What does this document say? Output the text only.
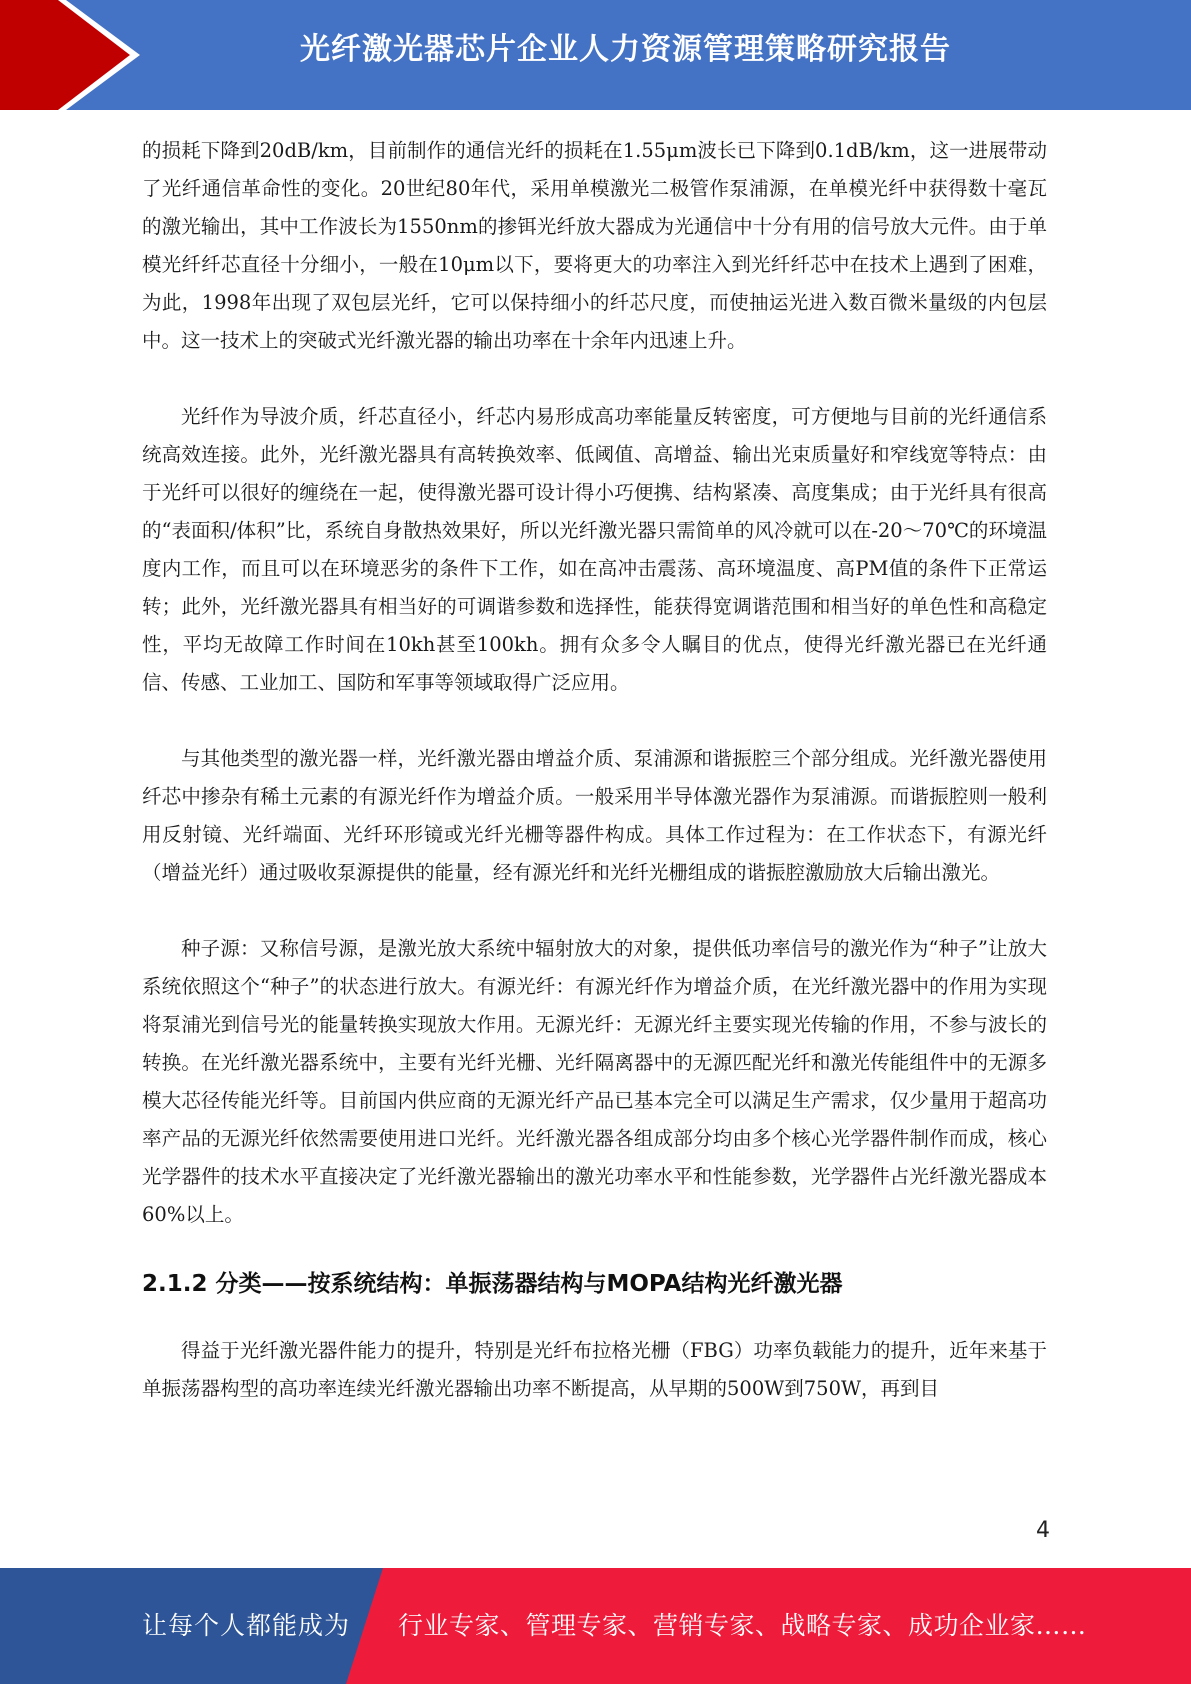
光纤激光器芯片企业人力资源管理策略研究报告

的损耗下降到20dB/km，目前制作的通信光纤的损耗在1.55μm波长已下降到0.1dB/km，这一进展带动了光纤通信革命性的变化。20世纪80年代，采用单模激光二极管作泵浦源，在单模光纤中获得数十毫瓦的激光输出，其中工作波长为1550nm的掺铒光纤放大器成为光通信中十分有用的信号放大元件。由于单模光纤纤芯直径十分细小，一般在10μm以下，要将更大的功率注入到光纤纤芯中在技术上遇到了困难，为此，1998年出现了双包层光纤，它可以保持细小的纤芯尺度，而使抽运光进入数百微米量级的内包层中。这一技术上的突破式光纤激光器的输出功率在十余年内迅速上升。

光纤作为导波介质，纤芯直径小，纤芯内易形成高功率能量反转密度，可方便地与目前的光纤通信系统高效连接。此外，光纤激光器具有高转换效率、低阈值、高增益、输出光束质量好和窄线宽等特点：由于光纤可以很好的缠绕在一起，使得激光器可设计得小巧便携、结构紧凑、高度集成；由于光纤具有很高的“表面积/体积”比，系统自身散热效果好，所以光纤激光器只需简单的风冷就可以在-20～70℃的环境温度内工作，而且可以在环境恶劣的条件下工作，如在高冲击震荡、高环境温度、高PM值的条件下正常运转；此外，光纤激光器具有相当好的可调谐参数和选择性，能获得宽调谐范围和相当好的单色性和高稳定性，平均无故障工作时间在10kh甚至100kh。拥有众多令人瞩目的优点，使得光纤激光器已在光纤通信、传感、工业加工、国防和军事等领域取得广泛应用。

与其他类型的激光器一样，光纤激光器由增益介质、泵浦源和谐振腔三个部分组成。光纤激光器使用纤芯中掺杂有稀土元素的有源光纤作为增益介质。一般采用半导体激光器作为泵浦源。而谐振腔则一般利用反射镜、光纤端面、光纤环形镜或光纤光栅等器件构成。具体工作过程为：在工作状态下，有源光纤（增益光纤）通过吸收泵源提供的能量，经有源光纤和光纤光栅组成的谐振腔激励放大后输出激光。

种子源：又称信号源，是激光放大系统中辐射放大的对象，提供低功率信号的激光作为“种子”让放大系统依照这个“种子”的状态进行放大。有源光纤：有源光纤作为增益介质，在光纤激光器中的作用为实现将泵浦光到信号光的能量转换实现放大作用。无源光纤：无源光纤主要实现光传输的作用，不参与波长的转换。在光纤激光器系统中，主要有光纤光栅、光纤隔离器中的无源匹配光纤和激光传能组件中的无源多模大芯径传能光纤等。目前国内供应商的无源光纤产品已基本完全可以满足生产需求，仅少量用于超高功率产品的无源光纤依然需要使用进口光纤。光纤激光器各组成部分均由多个核心光学器件制作而成，核心光学器件的技术水平直接决定了光纤激光器输出的激光功率水平和性能参数，光学器件占光纤激光器成本60%以上。

2.1.2 分类——按系统结构：单振荡器结构与MOPA结构光纤激光器

得益于光纤激光器件能力的提升，特别是光纤布拉格光栅（FBG）功率负载能力的提升，近年来基于单振荡器构型的高功率连续光纤激光器输出功率不断提高，从早期的500W到750W，再到目

4
让每个人都能成为 行业专家、管理专家、营销专家、战略专家、成功企业家……
